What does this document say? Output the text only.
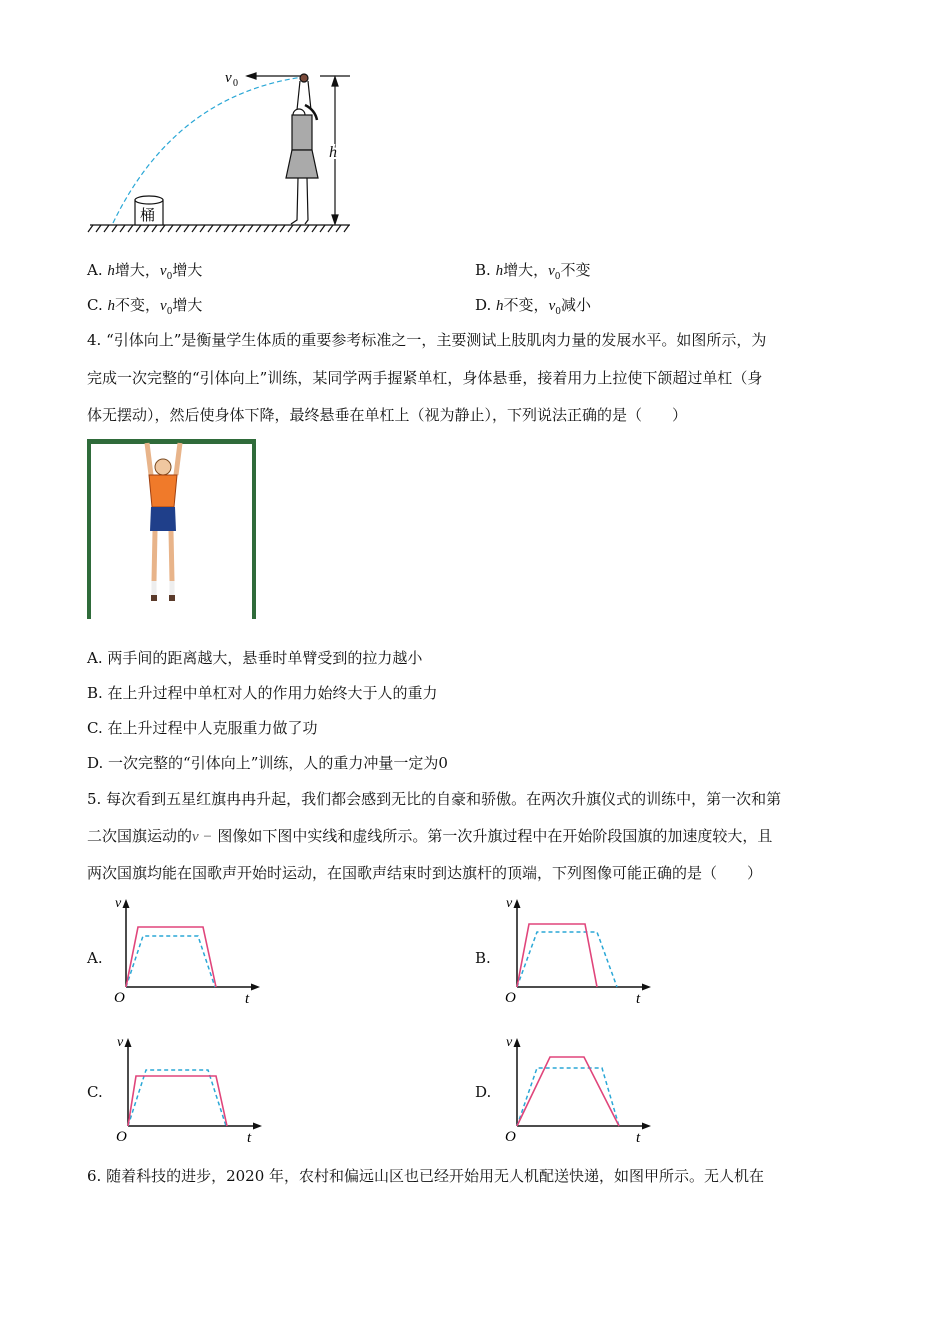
v 0
h
桶
A. h增大，$v_0$增大	B. h增大，$v_0$不变
C. h不变，$v_0$增大	D. h不变，$v_0$减小
4. “引体向上”是衡量学生体质的重要参考标准之一，主要测试上肢肌肉力量的发展水平。如图所示，为
完成一次完整的“引体向上”训练，某同学两手握紧单杠，身体悬垂，接着用力上拉使下颌超过单杠（身
体无摆动），然后使身体下降，最终悬垂在单杠上（视为静止），下列说法正确的是（　　）
A. 两手间的距离越大，悬垂时单臂受到的拉力越小
B. 在上升过程中单杠对人的作用力始终大于人的重力
C. 在上升过程中人克服重力做了功
D. 一次完整的“引体向上”训练，人的重力冲量一定为0
5. 每次看到五星红旗冉冉升起，我们都会感到无比的自豪和骄傲。在两次升旗仪式的训练中，第一次和第
二次国旗运动的v − 图像如下图中实线和虚线所示。第一次升旗过程中在开始阶段国旗的加速度较大，且
两次国旗均能在国歌声开始时运动，在国歌声结束时到达旗杆的顶端，下列图像可能正确的是（　　）
A.	B.
C.	D.
v
O	t
v
O	t
v
O	t
v
O	t
6. 随着科技的进步，2020 年，农村和偏远山区也已经开始用无人机配送快递，如图甲所示。无人机在
